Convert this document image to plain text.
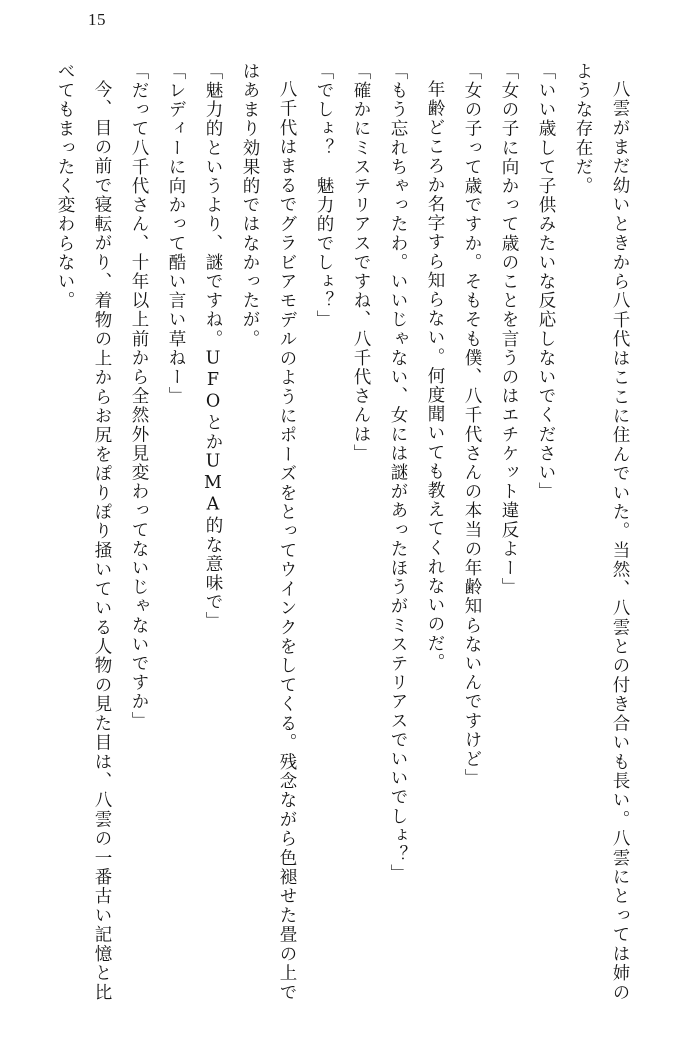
15

八雲がまだ幼いときから八千代はここに住んでいた。当然、八雲との付き合いも長い。八雲にとっては姉のような存在だ。

「いい歳して子供みたいな反応しないでください」

「女の子に向かって歳のことを言うのはエチケット違反よー」

「女の子って歳ですか。そもそも僕、八千代さんの本当の年齢知らないんですけど」

年齢どころか名字すら知らない。何度聞いても教えてくれないのだ。

「もう忘れちゃったわ。いいじゃない、女には謎があったほうがミステリアスでいいでしょ？」

「確かにミステリアスですね、八千代さんは」

「でしょ？　魅力的でしょ？」

八千代はまるでグラビアモデルのようにポーズをとってウインクをしてくる。残念ながら色褪せた畳の上ではあまり効果的ではなかったが。

「魅力的というより、謎ですね。UFOとかUMA的な意味で」

「レディーに向かって酷い言い草ねー」

「だって八千代さん、十年以上前から全然外見変わってないじゃないですか」

今、目の前で寝転がり、着物の上からお尻をぽりぽり掻いている人物の見た目は、八雲の一番古い記憶と比べてもまったく変わらない。
